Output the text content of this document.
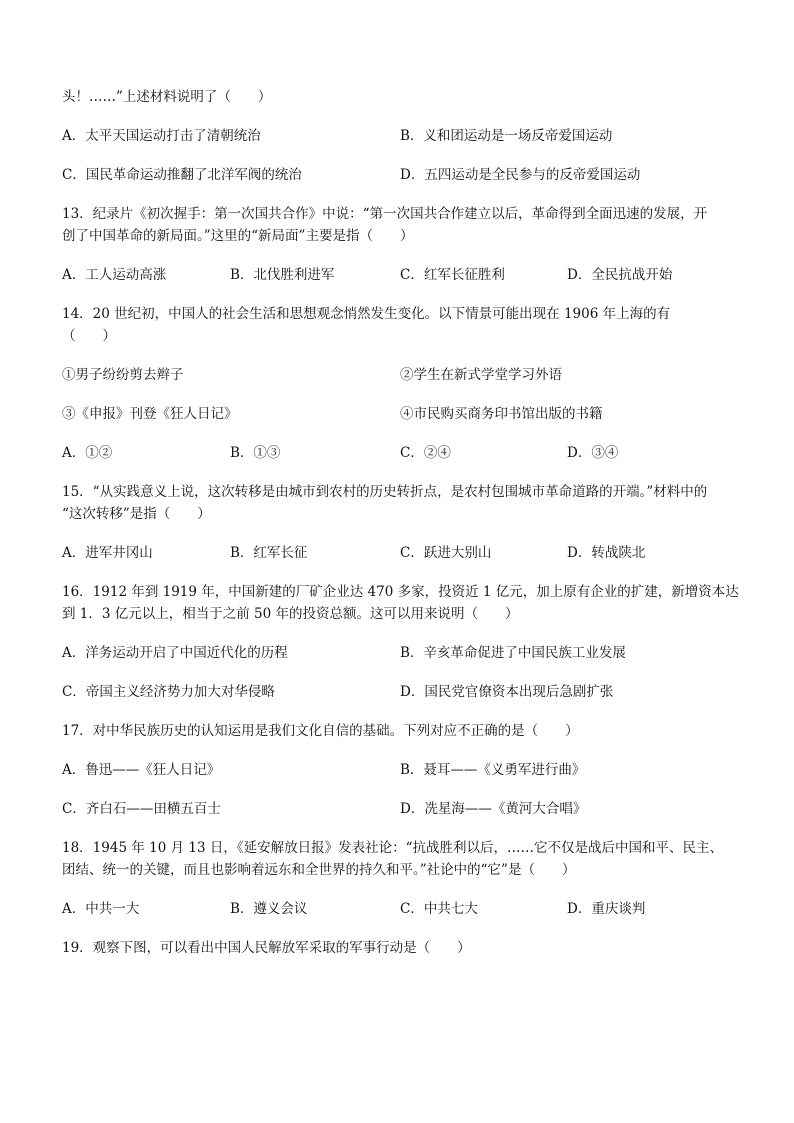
头！……”上述材料说明了（　　）
A．太平天国运动打击了清朝统治	B．义和团运动是一场反帝爱国运动
C．国民革命运动推翻了北洋军阀的统治	D．五四运动是全民参与的反帝爱国运动
13．纪录片《初次握手：第一次国共合作》中说：“第一次国共合作建立以后，革命得到全面迅速的发展，开
创了中国革命的新局面。”这里的“新局面”主要是指（　　）
A．工人运动高涨	B．北伐胜利进军	C．红军长征胜利	D．全民抗战开始
14．20 世纪初，中国人的社会生活和思想观念悄然发生变化。以下情景可能出现在 1906 年上海的有
（　　）
①男子纷纷剪去辫子	②学生在新式学堂学习外语
③《申报》刊登《狂人日记》	④市民购买商务印书馆出版的书籍
A．①②	B．①③	C．②④	D．③④
15．“从实践意义上说，这次转移是由城市到农村的历史转折点，是农村包围城市革命道路的开端。”材料中的
“这次转移”是指（　　）
A．进军井冈山	B．红军长征	C．跃进大别山	D．转战陕北
16．1912 年到 1919 年，中国新建的厂矿企业达 470 多家，投资近 1 亿元，加上原有企业的扩建，新增资本达
到 1．3 亿元以上，相当于之前 50 年的投资总额。这可以用来说明（　　）
A．洋务运动开启了中国近代化的历程	B．辛亥革命促进了中国民族工业发展
C．帝国主义经济势力加大对华侵略	D．国民党官僚资本出现后急剧扩张
17．对中华民族历史的认知运用是我们文化自信的基础。下列对应不正确的是（　　）
A．鲁迅——《狂人日记》	B．聂耳——《义勇军进行曲》
C．齐白石——田横五百士	D．冼星海——《黄河大合唱》
18．1945 年 10 月 13 日，《延安解放日报》发表社论：“抗战胜利以后，……它不仅是战后中国和平、民主、
团结、统一的关键，而且也影响着远东和全世界的持久和平。”社论中的“它”是（　　）
A．中共一大	B．遵义会议	C．中共七大	D．重庆谈判
19．观察下图，可以看出中国人民解放军采取的军事行动是（　　）
